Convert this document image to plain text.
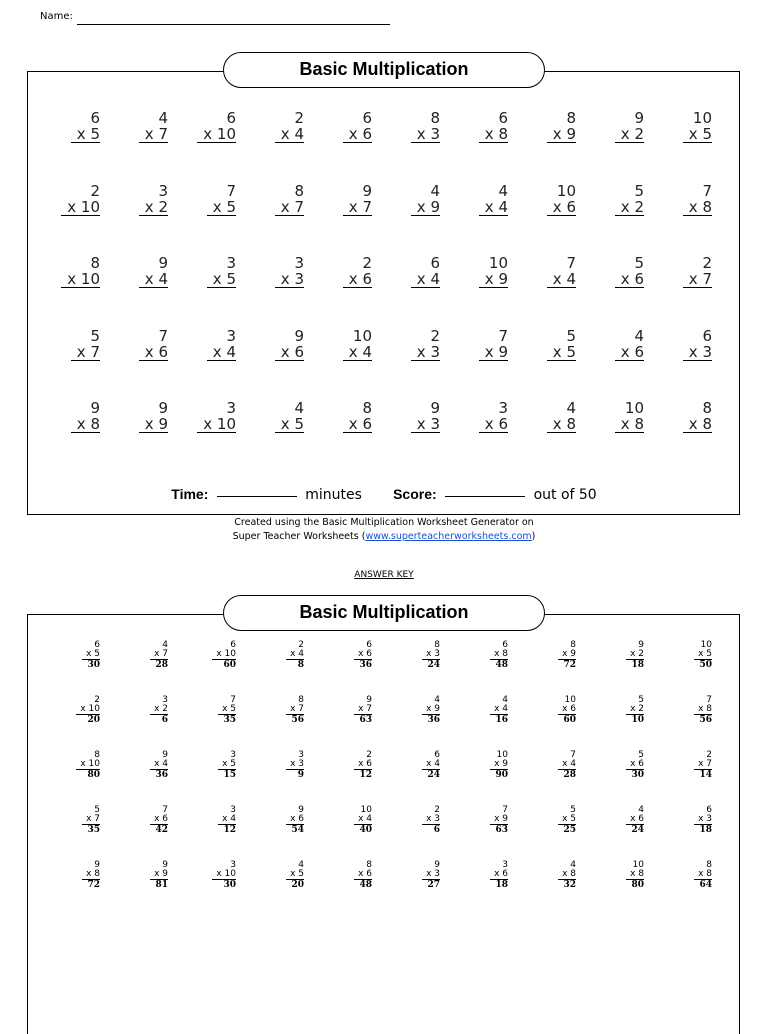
Name:
Basic Multiplication
6
x 5
4
x 7
6
x 10
2
x 4
6
x 6
8
x 3
6
x 8
8
x 9
9
x 2
10
x 5
2
x 10
3
x 2
7
x 5
8
x 7
9
x 7
4
x 9
4
x 4
10
x 6
5
x 2
7
x 8
8
x 10
9
x 4
3
x 5
3
x 3
2
x 6
6
x 4
10
x 9
7
x 4
5
x 6
2
x 7
5
x 7
7
x 6
3
x 4
9
x 6
10
x 4
2
x 3
7
x 9
5
x 5
4
x 6
6
x 3
9
x 8
9
x 9
3
x 10
4
x 5
8
x 6
9
x 3
3
x 6
4
x 8
10
x 8
8
x 8
Time:	minutes Score:	out of 50
Created using the Basic Multiplication Worksheet Generator on
Super Teacher Worksheets (www.superteacherworksheets.com)
ANSWER KEY
Basic Multiplication
6
x 5
30
4
x 7
28
6
x 10
60
2
x 4
8
6
x 6
36
8
x 3
24
6
x 8
48
8
x 9
72
9
x 2
18
10
x 5
50
2
x 10
20
3
x 2
6
7
x 5
35
8
x 7
56
9
x 7
63
4
x 9
36
4
x 4
16
10
x 6
60
5
x 2
10
7
x 8
56
8
x 10
80
9
x 4
36
3
x 5
15
3
x 3
9
2
x 6
12
6
x 4
24
10
x 9
90
7
x 4
28
5
x 6
30
2
x 7
14
5
x 7
35
7
x 6
42
3
x 4
12
9
x 6
54
10
x 4
40
2
x 3
6
7
x 9
63
5
x 5
25
4
x 6
24
6
x 3
18
9
x 8
72
9
x 9
81
3
x 10
30
4
x 5
20
8
x 6
48
9
x 3
27
3
x 6
18
4
x 8
32
10
x 8
80
8
x 8
64
